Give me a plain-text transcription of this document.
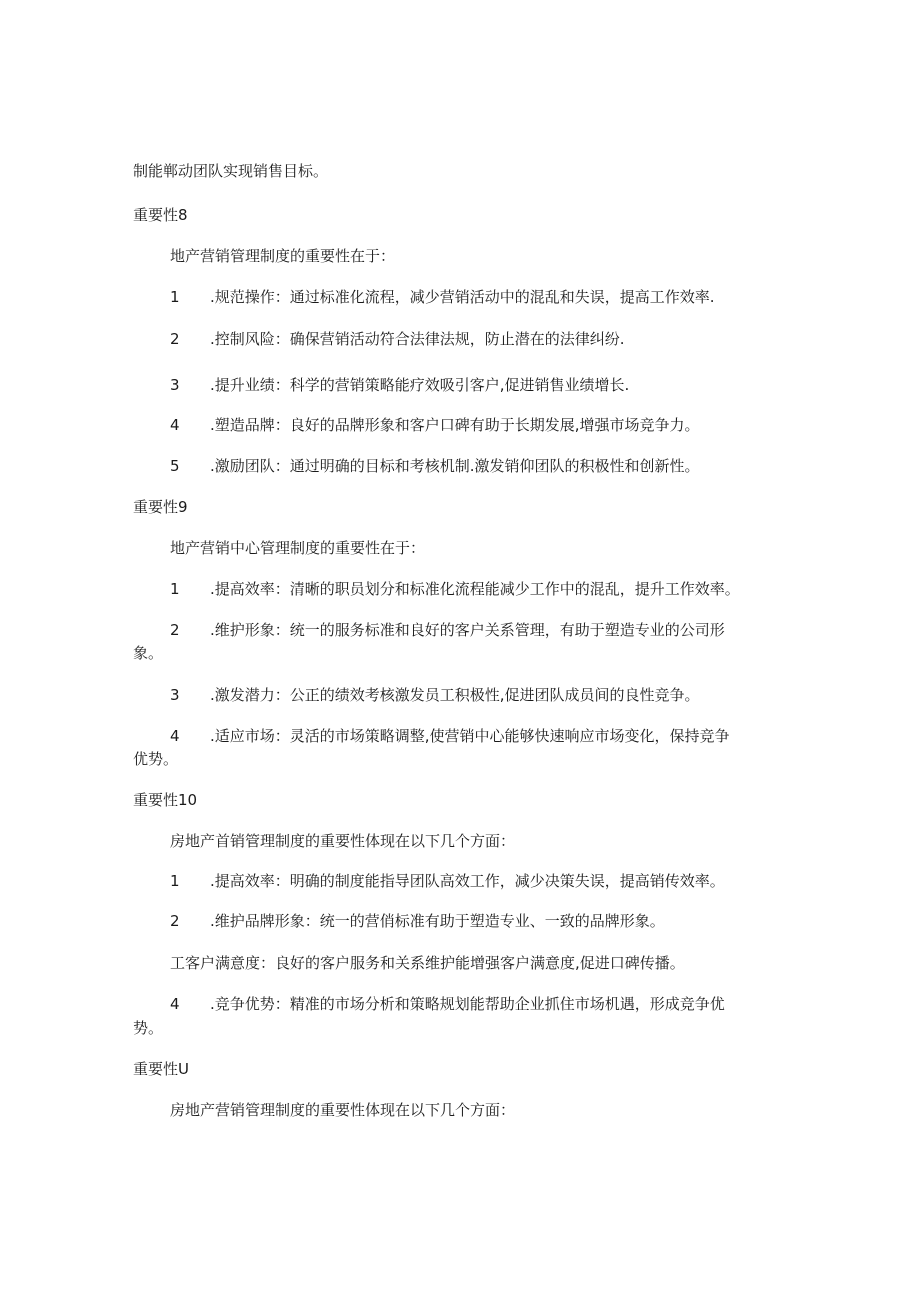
制能郸动团队实现销售目标。
重要性8
地产营销管理制度的重要性在于：
1 .规范操作：通过标准化流程，减少营销活动中的混乱和失误，提高工作效率.
2 .控制风险：确保营销活动符合法律法规，防止潜在的法律纠纷.
3 .提升业绩：科学的营销策略能疗效吸引客户,促进销售业绩增长.
4 .塑造品牌：良好的品牌形象和客户口碑有助于长期发展,增强市场竞争力。
5 .激励团队：通过明确的目标和考核机制.激发销仰团队的积极性和创新性。
重要性9
地产营销中心管理制度的重要性在于：
1 .提高效率：清晰的职员划分和标准化流程能减少工作中的混乱，提升工作效率。
2 .维护形象：统一的服务标准和良好的客户关系管理，有助于塑造专业的公司形
象。
3 .激发潜力：公正的绩效考核激发员工积极性,促进团队成员间的良性竞争。
4 .适应市场：灵活的市场策略调整,使营销中心能够快速响应市场变化，保持竞争
优势。
重要性10
房地产首销管理制度的重要性体现在以下几个方面：
1 .提高效率：明确的制度能指导团队高效工作，减少决策失误，提高销传效率。
2 .维护品牌形象：统一的营俏标准有助于塑造专业、一致的品牌形象。
工客户满意度：良好的客户服务和关系维护能增强客户满意度,促进口碑传播。
4 .竞争优势：精准的市场分析和策略规划能帮助企业抓住市场机遇，形成竞争优
势。
重要性U
房地产营销管理制度的重要性体现在以下几个方面：
